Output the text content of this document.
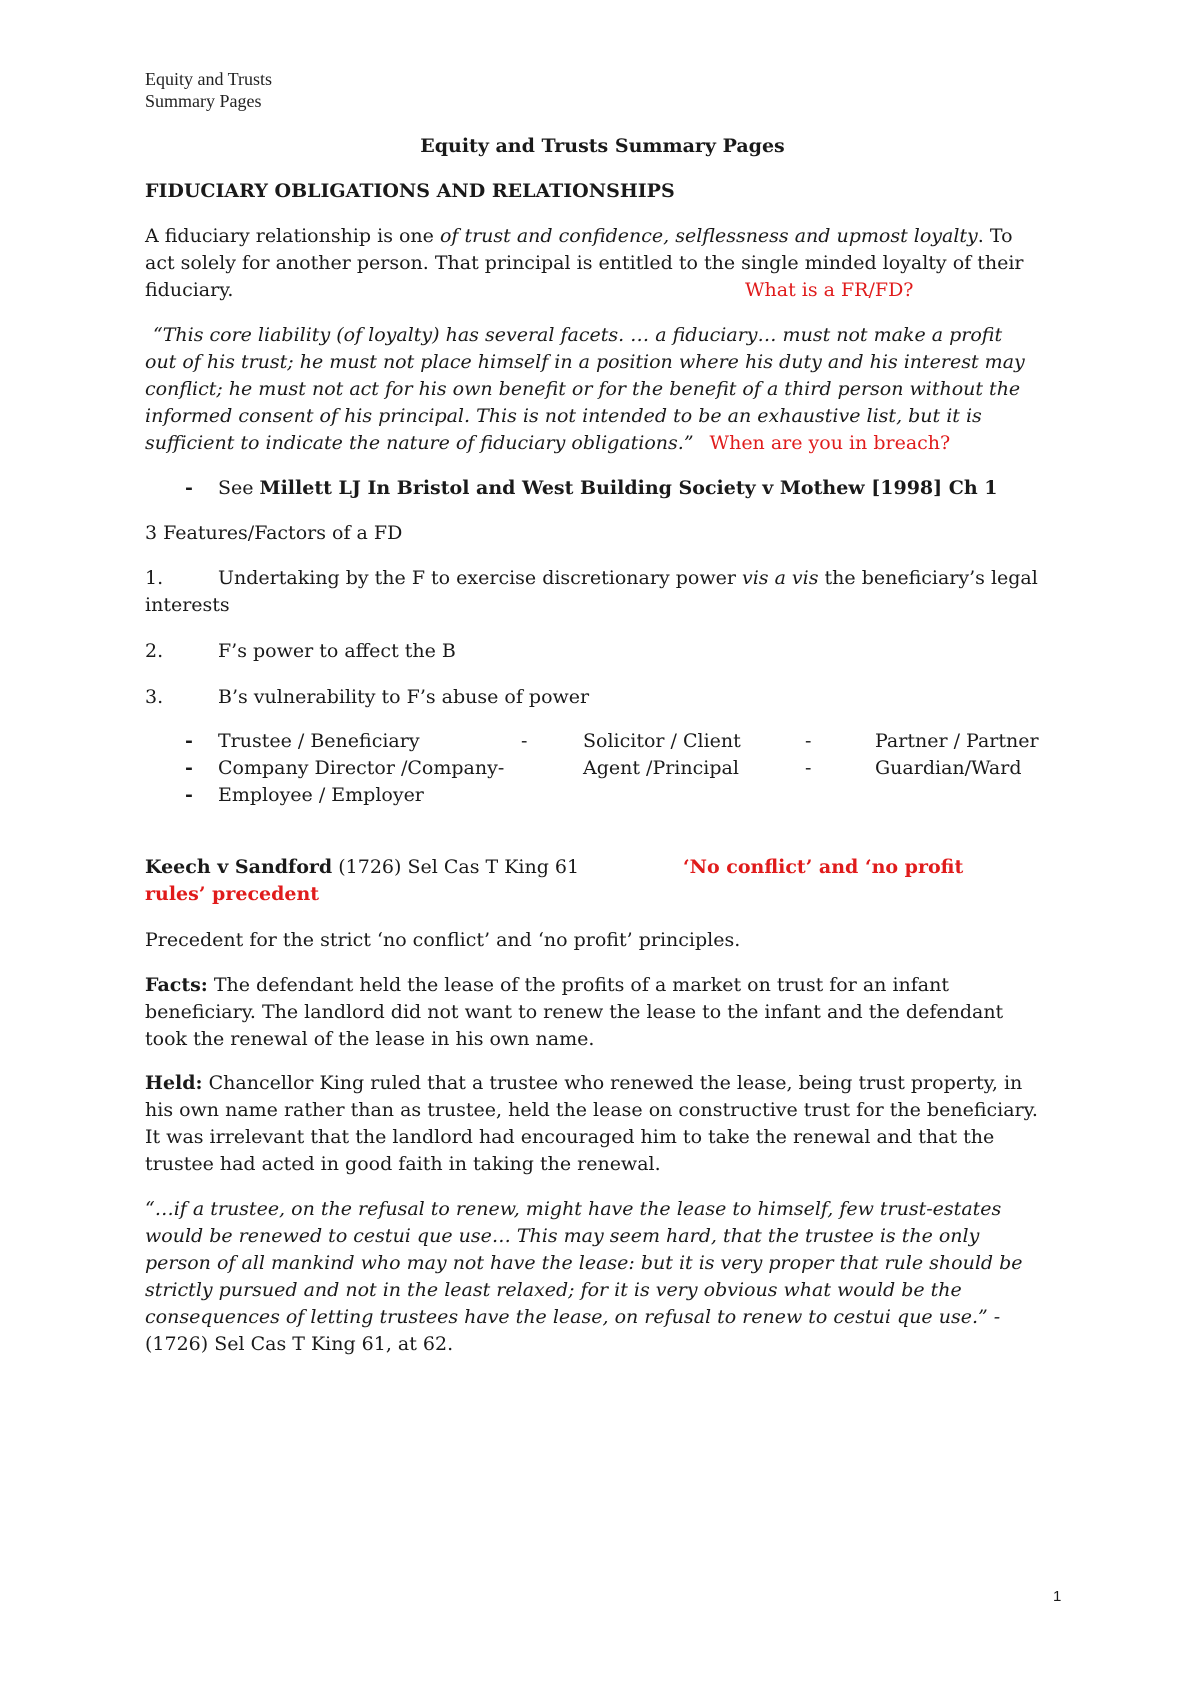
Equity and Trusts
Summary Pages
Equity and Trusts Summary Pages
FIDUCIARY OBLIGATIONS AND RELATIONSHIPS
A fiduciary relationship is one of trust and confidence, selflessness and upmost loyalty. To
act solely for another person. That principal is entitled to the single minded loyalty of their
fiduciary.	What is a FR/FD?
“This core liability (of loyalty) has several facets. … a fiduciary… must not make a profit
out of his trust; he must not place himself in a position where his duty and his interest may
conflict; he must not act for his own benefit or for the benefit of a third person without the
informed consent of his principal. This is not intended to be an exhaustive list, but it is
sufficient to indicate the nature of fiduciary obligations.” When are you in breach?
- See Millett LJ In Bristol and West Building Society v Mothew [1998] Ch 1
3 Features/Factors of a FD
1.	Undertaking by the F to exercise discretionary power vis a vis the beneficiary’s legal
interests
2.	F’s power to affect the B
3.	B’s vulnerability to F’s abuse of power
- Trustee / Beneficiary	-	Solicitor / Client	-	Partner / Partner
- Company Director /Company-	Agent /Principal	-	Guardian/Ward
- Employee / Employer
Keech v Sandford (1726) Sel Cas T King 61	‘No conflict’ and ‘no profit
rules’ precedent
Precedent for the strict ‘no conflict’ and ‘no profit’ principles.
Facts: The defendant held the lease of the profits of a market on trust for an infant
beneficiary. The landlord did not want to renew the lease to the infant and the defendant
took the renewal of the lease in his own name.
Held: Chancellor King ruled that a trustee who renewed the lease, being trust property, in
his own name rather than as trustee, held the lease on constructive trust for the beneficiary.
It was irrelevant that the landlord had encouraged him to take the renewal and that the
trustee had acted in good faith in taking the renewal.
“…if a trustee, on the refusal to renew, might have the lease to himself, few trust-estates
would be renewed to cestui que use… This may seem hard, that the trustee is the only
person of all mankind who may not have the lease: but it is very proper that rule should be
strictly pursued and not in the least relaxed; for it is very obvious what would be the
consequences of letting trustees have the lease, on refusal to renew to cestui que use.” -
(1726) Sel Cas T King 61, at 62.
1
